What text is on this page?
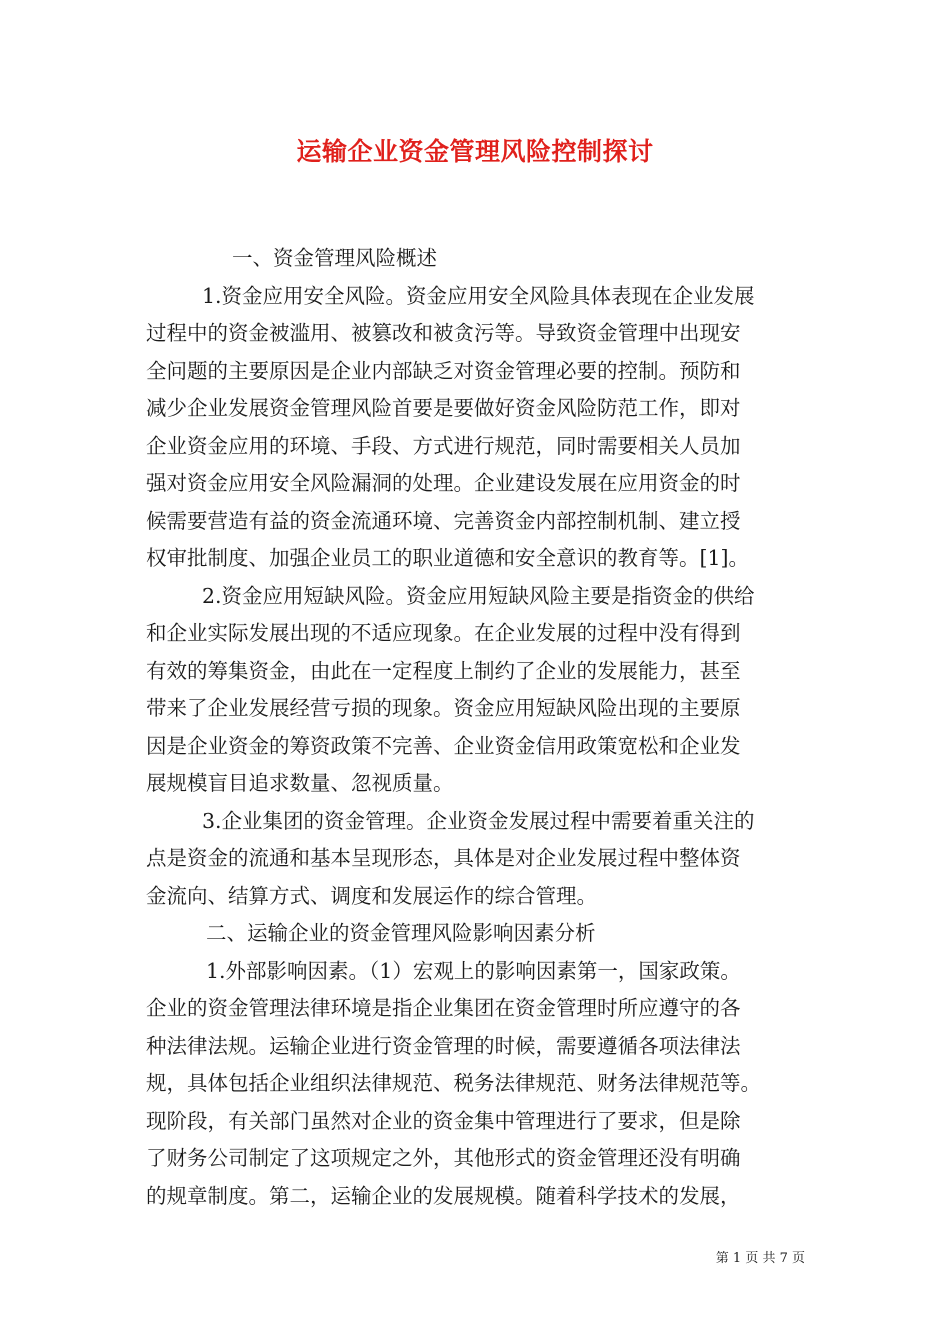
运输企业资金管理风险控制探讨
一、资金管理风险概述
1.资金应用安全风险。资金应用安全风险具体表现在企业发展
过程中的资金被滥用、被篡改和被贪污等。导致资金管理中出现安
全问题的主要原因是企业内部缺乏对资金管理必要的控制。预防和
减少企业发展资金管理风险首要是要做好资金风险防范工作，即对
企业资金应用的环境、手段、方式进行规范，同时需要相关人员加
强对资金应用安全风险漏洞的处理。企业建设发展在应用资金的时
候需要营造有益的资金流通环境、完善资金内部控制机制、建立授
权审批制度、加强企业员工的职业道德和安全意识的教育等。[1]。
2.资金应用短缺风险。资金应用短缺风险主要是指资金的供给
和企业实际发展出现的不适应现象。在企业发展的过程中没有得到
有效的筹集资金，由此在一定程度上制约了企业的发展能力，甚至
带来了企业发展经营亏损的现象。资金应用短缺风险出现的主要原
因是企业资金的筹资政策不完善、企业资金信用政策宽松和企业发
展规模盲目追求数量、忽视质量。
3.企业集团的资金管理。企业资金发展过程中需要着重关注的
点是资金的流通和基本呈现形态，具体是对企业发展过程中整体资
金流向、结算方式、调度和发展运作的综合管理。
二、运输企业的资金管理风险影响因素分析
1.外部影响因素。（1）宏观上的影响因素第一，国家政策。
企业的资金管理法律环境是指企业集团在资金管理时所应遵守的各
种法律法规。运输企业进行资金管理的时候，需要遵循各项法律法
规，具体包括企业组织法律规范、税务法律规范、财务法律规范等。
现阶段，有关部门虽然对企业的资金集中管理进行了要求，但是除
了财务公司制定了这项规定之外，其他形式的资金管理还没有明确
的规章制度。第二，运输企业的发展规模。随着科学技术的发展，
第 1 页 共 7 页
